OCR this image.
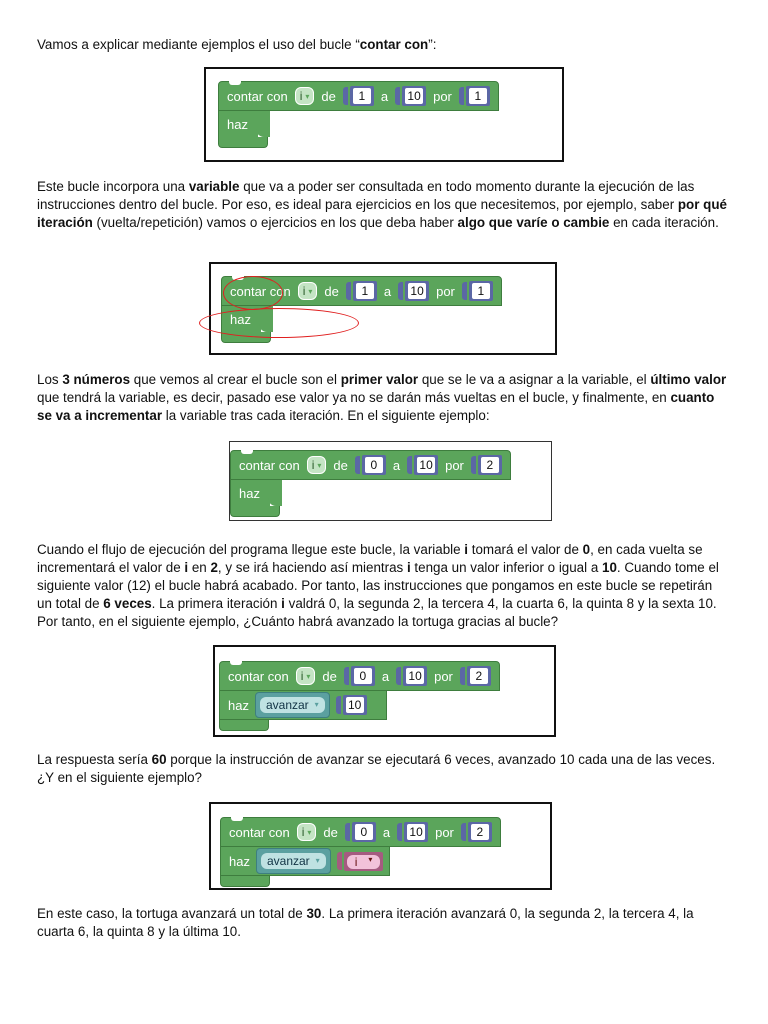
Vamos a explicar mediante ejemplos el uso del bucle “contar con”:

contar con i ▾ de	1	a 10 por	1
haz

Este bucle incorpora una variable que va a poder ser consultada en todo momento durante la ejecución de las instrucciones dentro del bucle. Por eso, es ideal para ejercicios en los que necesitemos, por ejemplo, saber por qué iteración (vuelta/repetición) vamos o ejercicios en los que deba haber algo que varíe o cambie en cada iteración.

contar con i ▾ de	1	a 10 por	1
haz

Los 3 números que vemos al crear el bucle son el primer valor que se le va a asignar a la variable, el último valor que tendrá la variable, es decir, pasado ese valor ya no se darán más vueltas en el bucle, y finalmente, en cuanto se va a incrementar la variable tras cada iteración. En el siguiente ejemplo:

contar con i ▾ de	0	a 10 por	2
haz

Cuando el flujo de ejecución del programa llegue este bucle, la variable i tomará el valor de 0, en cada vuelta se incrementará el valor de i en 2, y se irá haciendo así mientras i tenga un valor inferior o igual a 10. Cuando tome el siguiente valor (12) el bucle habrá acabado. Por tanto, las instrucciones que pongamos en este bucle se repetirán un total de 6 veces. La primera iteración i valdrá 0, la segunda 2, la tercera 4, la cuarta 6, la quinta 8 y la sexta 10. Por tanto, en el siguiente ejemplo, ¿Cuánto habrá avanzado la tortuga gracias al bucle?

contar con i ▾ de	0	a 10 por	2
haz avanzar ▾ 10

La respuesta sería 60 porque la instrucción de avanzar se ejecutará 6 veces, avanzado 10 cada una de las veces. ¿Y en el siguiente ejemplo?

contar con i ▾ de	0	a 10 por	2
haz avanzar ▾	i	▾

En este caso, la tortuga avanzará un total de 30. La primera iteración avanzará 0, la segunda 2, la tercera 4, la cuarta 6, la quinta 8 y la última 10.
